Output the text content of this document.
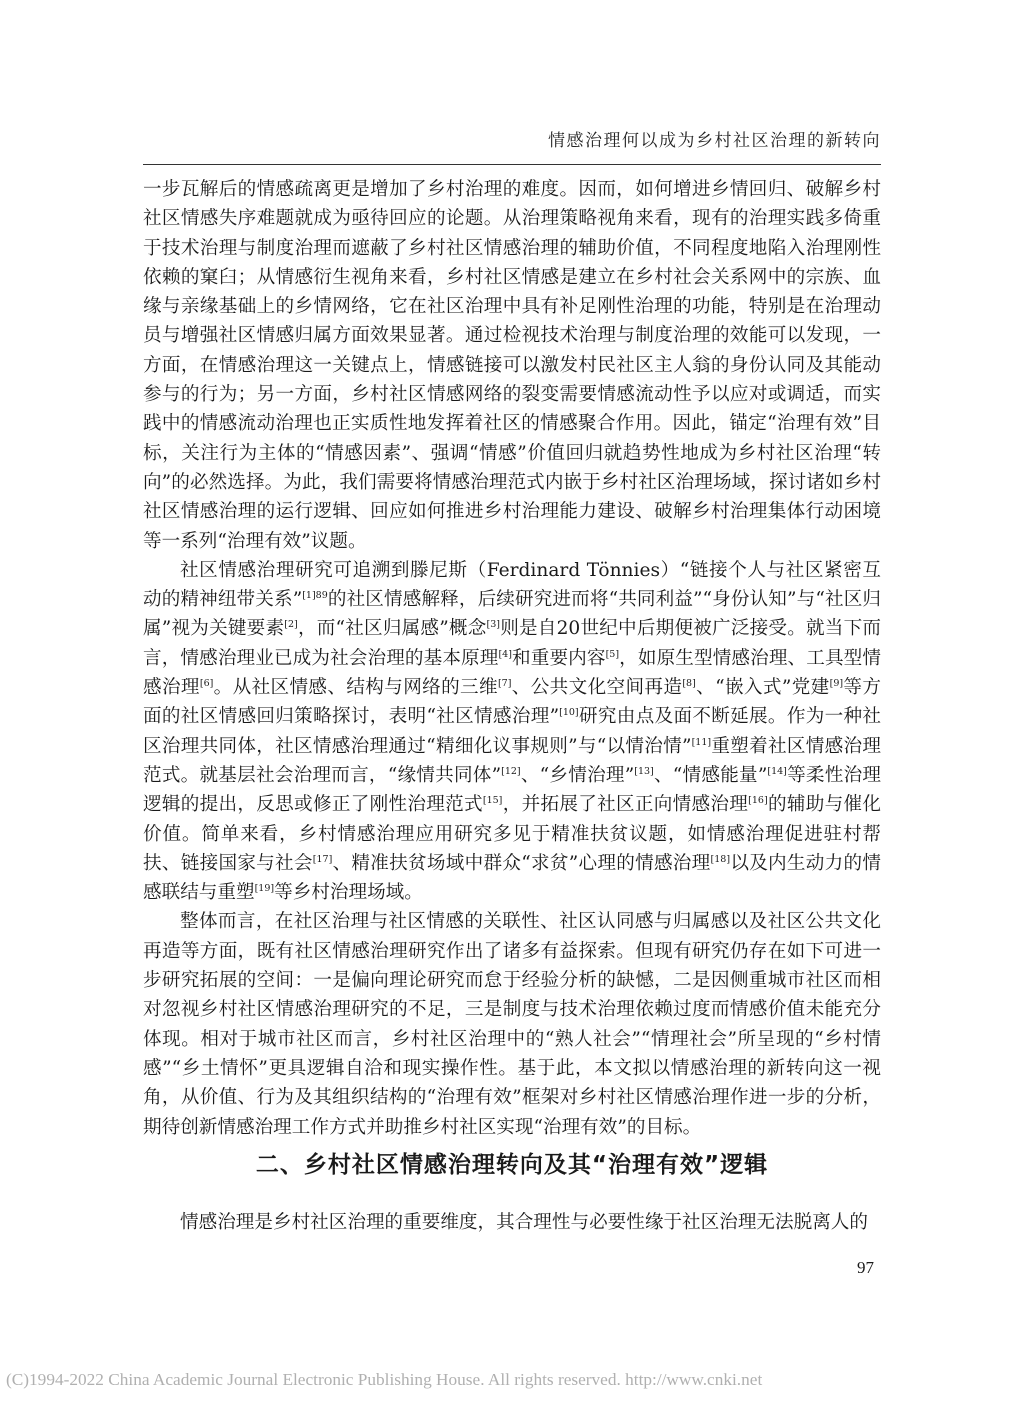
情感治理何以成为乡村社区治理的新转向

一步瓦解后的情感疏离更是增加了乡村治理的难度。因而，如何增进乡情回归、破解乡村社区情感失序难题就成为亟待回应的论题。从治理策略视角来看，现有的治理实践多倚重于技术治理与制度治理而遮蔽了乡村社区情感治理的辅助价值，不同程度地陷入治理刚性依赖的窠臼；从情感衍生视角来看，乡村社区情感是建立在乡村社会关系网中的宗族、血缘与亲缘基础上的乡情网络，它在社区治理中具有补足刚性治理的功能，特别是在治理动员与增强社区情感归属方面效果显著。通过检视技术治理与制度治理的效能可以发现，一方面，在情感治理这一关键点上，情感链接可以激发村民社区主人翁的身份认同及其能动参与的行为；另一方面，乡村社区情感网络的裂变需要情感流动性予以应对或调适，而实践中的情感流动治理也正实质性地发挥着社区的情感聚合作用。因此，锚定“治理有效”目标，关注行为主体的“情感因素”、强调“情感”价值回归就趋势性地成为乡村社区治理“转向”的必然选择。为此，我们需要将情感治理范式内嵌于乡村社区治理场域，探讨诸如乡村社区情感治理的运行逻辑、回应如何推进乡村治理能力建设、破解乡村治理集体行动困境等一系列“治理有效”议题。

社区情感治理研究可追溯到滕尼斯（Ferdinard Tönnies）“链接个人与社区紧密互动的精神纽带关系”$^{[1]89}$的社区情感解释，后续研究进而将“共同利益”“身份认知”与“社区归属”视为关键要素[2]，而“社区归属感”概念[3]则是自20世纪中后期便被广泛接受。就当下而言，情感治理业已成为社会治理的基本原理[4]和重要内容[5]，如原生型情感治理、工具型情感治理[6]。从社区情感、结构与网络的三维[7]、公共文化空间再造[8]、“嵌入式”党建[9]等方面的社区情感回归策略探讨，表明“社区情感治理”[10]研究由点及面不断延展。作为一种社区治理共同体，社区情感治理通过“精细化议事规则”与“以情治情”[11]重塑着社区情感治理范式。就基层社会治理而言，“缘情共同体”[12]、“乡情治理”[13]、“情感能量”[14]等柔性治理逻辑的提出，反思或修正了刚性治理范式[15]，并拓展了社区正向情感治理[16]的辅助与催化价值。简单来看，乡村情感治理应用研究多见于精准扶贫议题，如情感治理促进驻村帮扶、链接国家与社会[17]、精准扶贫场域中群众“求贫”心理的情感治理[18]以及内生动力的情感联结与重塑[19]等乡村治理场域。

整体而言，在社区治理与社区情感的关联性、社区认同感与归属感以及社区公共文化再造等方面，既有社区情感治理研究作出了诸多有益探索。但现有研究仍存在如下可进一步研究拓展的空间：一是偏向理论研究而怠于经验分析的缺憾，二是因侧重城市社区而相对忽视乡村社区情感治理研究的不足，三是制度与技术治理依赖过度而情感价值未能充分体现。相对于城市社区而言，乡村社区治理中的“熟人社会”“情理社会”所呈现的“乡村情感”“乡土情怀”更具逻辑自洽和现实操作性。基于此，本文拟以情感治理的新转向这一视角，从价值、行为及其组织结构的“治理有效”框架对乡村社区情感治理作进一步的分析，期待创新情感治理工作方式并助推乡村社区实现“治理有效”的目标。

二、乡村社区情感治理转向及其“治理有效”逻辑

情感治理是乡村社区治理的重要维度，其合理性与必要性缘于社区治理无法脱离人的

97
(C)1994-2022 China Academic Journal Electronic Publishing House. All rights reserved. http://www.cnki.net
